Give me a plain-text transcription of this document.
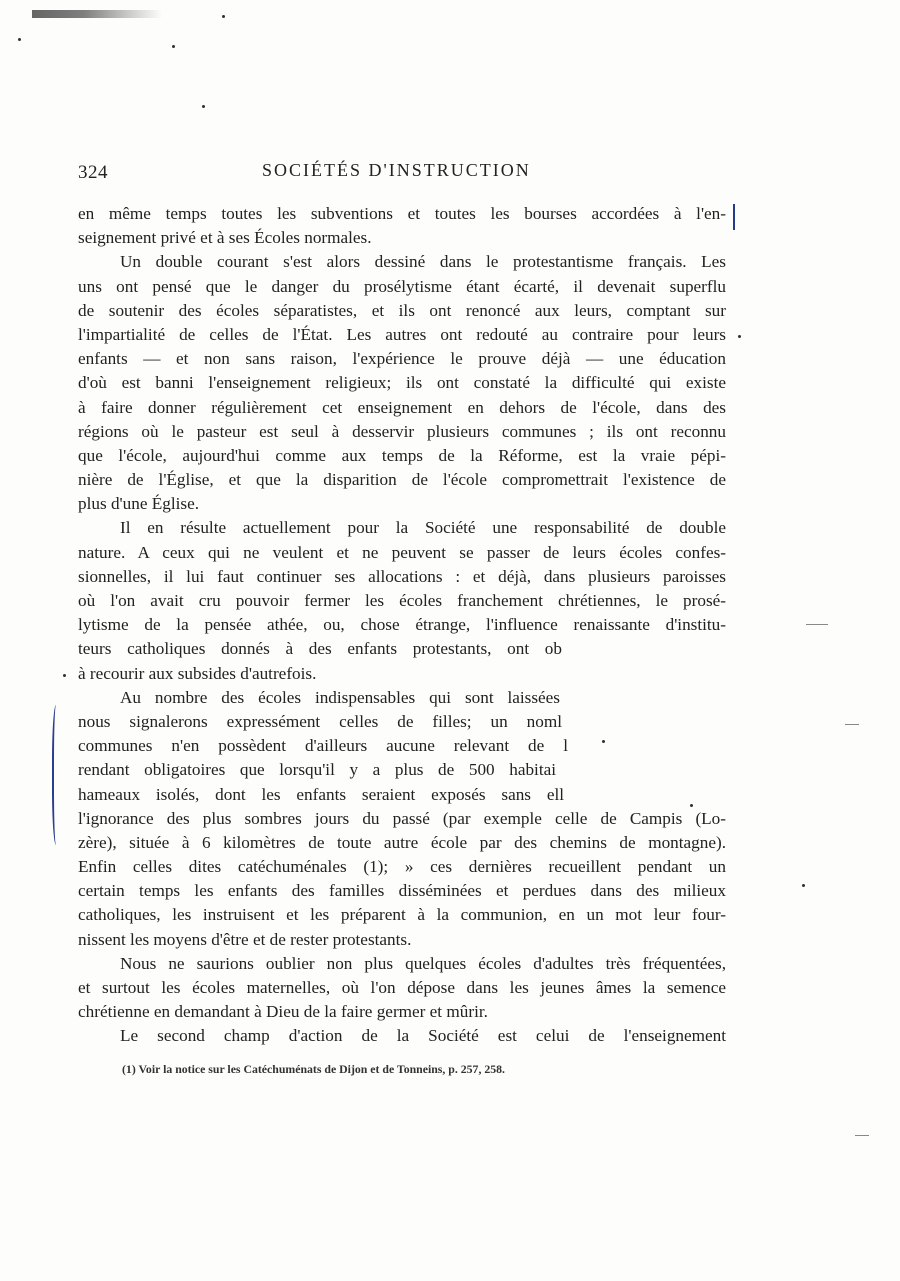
324	SOCIÉTÉS D'INSTRUCTION
en même temps toutes les subventions et toutes les bourses accordées à l'en-
seignement privé et à ses Écoles normales.
Un double courant s'est alors dessiné dans le protestantisme français. Les
uns ont pensé que le danger du prosélytisme étant écarté, il devenait superflu
de soutenir des écoles séparatistes, et ils ont renoncé aux leurs, comptant sur
l'impartialité de celles de l'État. Les autres ont redouté au contraire pour leurs
enfants — et non sans raison, l'expérience le prouve déjà — une éducation
d'où est banni l'enseignement religieux; ils ont constaté la difficulté qui existe
à faire donner régulièrement cet enseignement en dehors de l'école, dans des
régions où le pasteur est seul à desservir plusieurs communes ; ils ont reconnu
que l'école, aujourd'hui comme aux temps de la Réforme, est la vraie pépi-
nière de l'Église, et que la disparition de l'école compromettrait l'existence de
plus d'une Église.
Il en résulte actuellement pour la Société une responsabilité de double
nature. A ceux qui ne veulent et ne peuvent se passer de leurs écoles confes-
sionnelles, il lui faut continuer ses allocations : et déjà, dans plusieurs paroisses
où l'on avait cru pouvoir fermer les écoles franchement chrétiennes, le prosé-
lytisme de la pensée athée, ou, chose étrange, l'influence renaissante d'institu-
teurs catholiques donnés à des enfants protestants, ont ob
à recourir aux subsides d'autrefois.
Au nombre des écoles indispensables qui sont laissées
nous signalerons expressément celles de filles; un noml
communes n'en possèdent d'ailleurs aucune relevant de l
rendant obligatoires que lorsqu'il y a plus de 500 habitai
hameaux isolés, dont les enfants seraient exposés sans ell
l'ignorance des plus sombres jours du passé (par exemple celle de Campis (Lo-
zère), située à 6 kilomètres de toute autre école par des chemins de montagne).
Enfin celles dites catéchuménales (1); » ces dernières recueillent pendant un
certain temps les enfants des familles disséminées et perdues dans des milieux
catholiques, les instruisent et les préparent à la communion, en un mot leur four-
nissent les moyens d'être et de rester protestants.
Nous ne saurions oublier non plus quelques écoles d'adultes très fréquentées,
et surtout les écoles maternelles, où l'on dépose dans les jeunes âmes la semence
chrétienne en demandant à Dieu de la faire germer et mûrir.
Le second champ d'action de la Société est celui de l'enseignement
(1) Voir la notice sur les Catéchuménats de Dijon et de Tonneins, p. 257, 258.
